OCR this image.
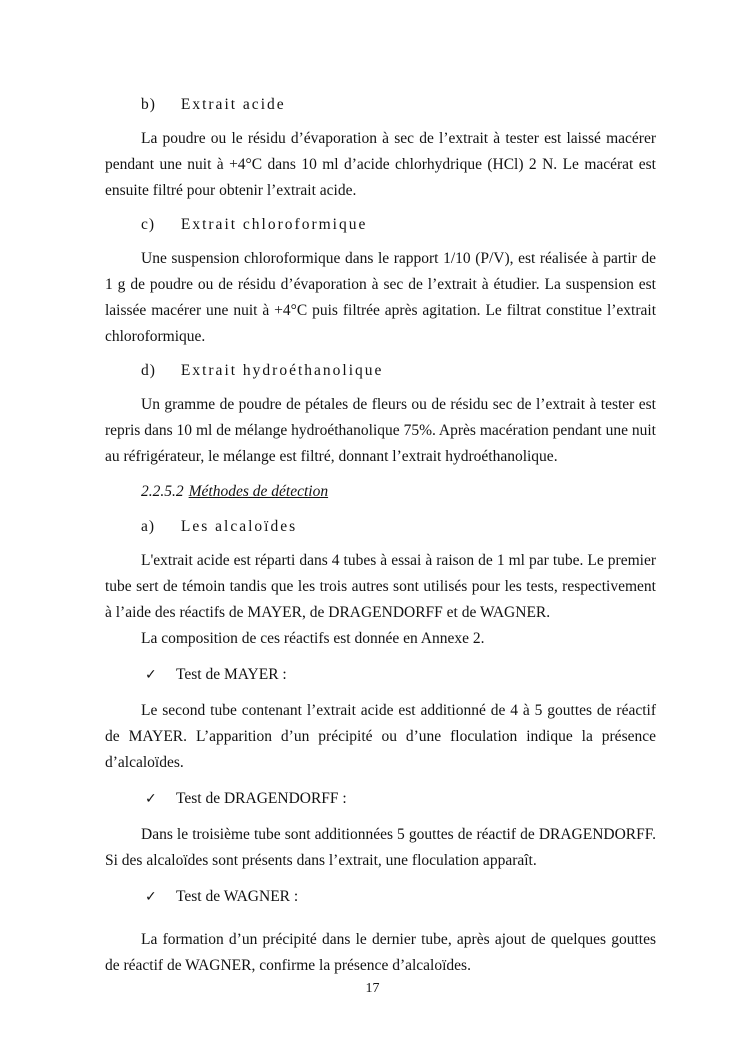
b) Extrait acide

La poudre ou le résidu d’évaporation à sec de l’extrait à tester est laissé macérer pendant une nuit à +4°C dans 10 ml d’acide chlorhydrique (HCl) 2 N. Le macérat est ensuite filtré pour obtenir l’extrait acide.

c) Extrait chloroformique

Une suspension chloroformique dans le rapport 1/10 (P/V), est réalisée à partir de 1 g de poudre ou de résidu d’évaporation à sec de l’extrait à étudier. La suspension est laissée macérer une nuit à +4°C puis filtrée après agitation. Le filtrat constitue l’extrait chloroformique.

d) Extrait hydroéthanolique

Un gramme de poudre de pétales de fleurs ou de résidu sec de l’extrait à tester est repris dans 10 ml de mélange hydroéthanolique 75%. Après macération pendant une nuit au réfrigérateur, le mélange est filtré, donnant l’extrait hydroéthanolique.

2.2.5.2 Méthodes de détection
a) Les alcaloïdes

L'extrait acide est réparti dans 4 tubes à essai à raison de 1 ml par tube. Le premier tube sert de témoin tandis que les trois autres sont utilisés pour les tests, respectivement à l’aide des réactifs de MAYER, de DRAGENDORFF et de WAGNER.

La composition de ces réactifs est donnée en Annexe 2.

✓ Test de MAYER :

Le second tube contenant l’extrait acide est additionné de 4 à 5 gouttes de réactif de MAYER. L’apparition d’un précipité ou d’une floculation indique la présence d’alcaloïdes.

✓ Test de DRAGENDORFF :

Dans le troisième tube sont additionnées 5 gouttes de réactif de DRAGENDORFF. Si des alcaloïdes sont présents dans l’extrait, une floculation apparaît.

✓ Test de WAGNER :

La formation d’un précipité dans le dernier tube, après ajout de quelques gouttes de réactif de WAGNER, confirme la présence d’alcaloïdes.

17
